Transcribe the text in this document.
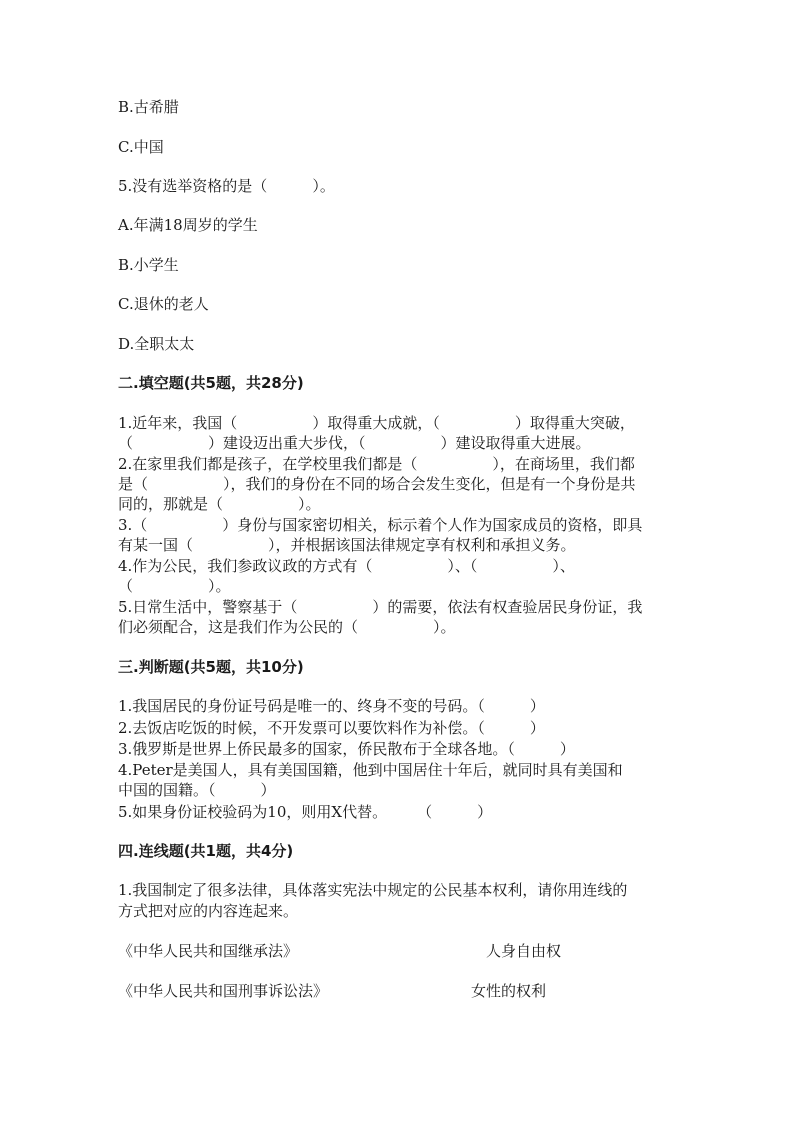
B.古希腊
C.中国
5.没有选举资格的是（　　　）。
A.年满18周岁的学生
B.小学生
C.退休的老人
D.全职太太
二.填空题(共5题，共28分)
1.近年来，我国（　　　　　）取得重大成就，（　　　　　）取得重大突破，
（　　　　　）建设迈出重大步伐，（　　　　　）建设取得重大进展。
2.在家里我们都是孩子，在学校里我们都是（　　　　　），在商场里，我们都
是（　　　　　），我们的身份在不同的场合会发生变化，但是有一个身份是共
同的，那就是（　　　　　）。
3.（　　　　　）身份与国家密切相关，标示着个人作为国家成员的资格，即具
有某一国（　　　　　），并根据该国法律规定享有权利和承担义务。
4.作为公民，我们参政议政的方式有（　　　　　）、（　　　　　）、
（　　　　　）。
5.日常生活中，警察基于（　　　　　）的需要，依法有权查验居民身份证，我
们必须配合，这是我们作为公民的（　　　　　）。
三.判断题(共5题，共10分)
1.我国居民的身份证号码是唯一的、终身不变的号码。（　　　）
2.去饭店吃饭的时候，不开发票可以要饮料作为补偿。（　　　）
3.俄罗斯是世界上侨民最多的国家，侨民散布于全球各地。（　　　）
4.Peter是美国人，具有美国国籍，他到中国居住十年后，就同时具有美国和
中国的国籍。（　　　）
5.如果身份证校验码为10，则用X代替。　　　（　　　）
四.连线题(共1题，共4分)
1.我国制定了很多法律，具体落实宪法中规定的公民基本权利，请你用连线的
方式把对应的内容连起来。
《中华人民共和国继承法》	人身自由权
《中华人民共和国刑事诉讼法》	女性的权利
